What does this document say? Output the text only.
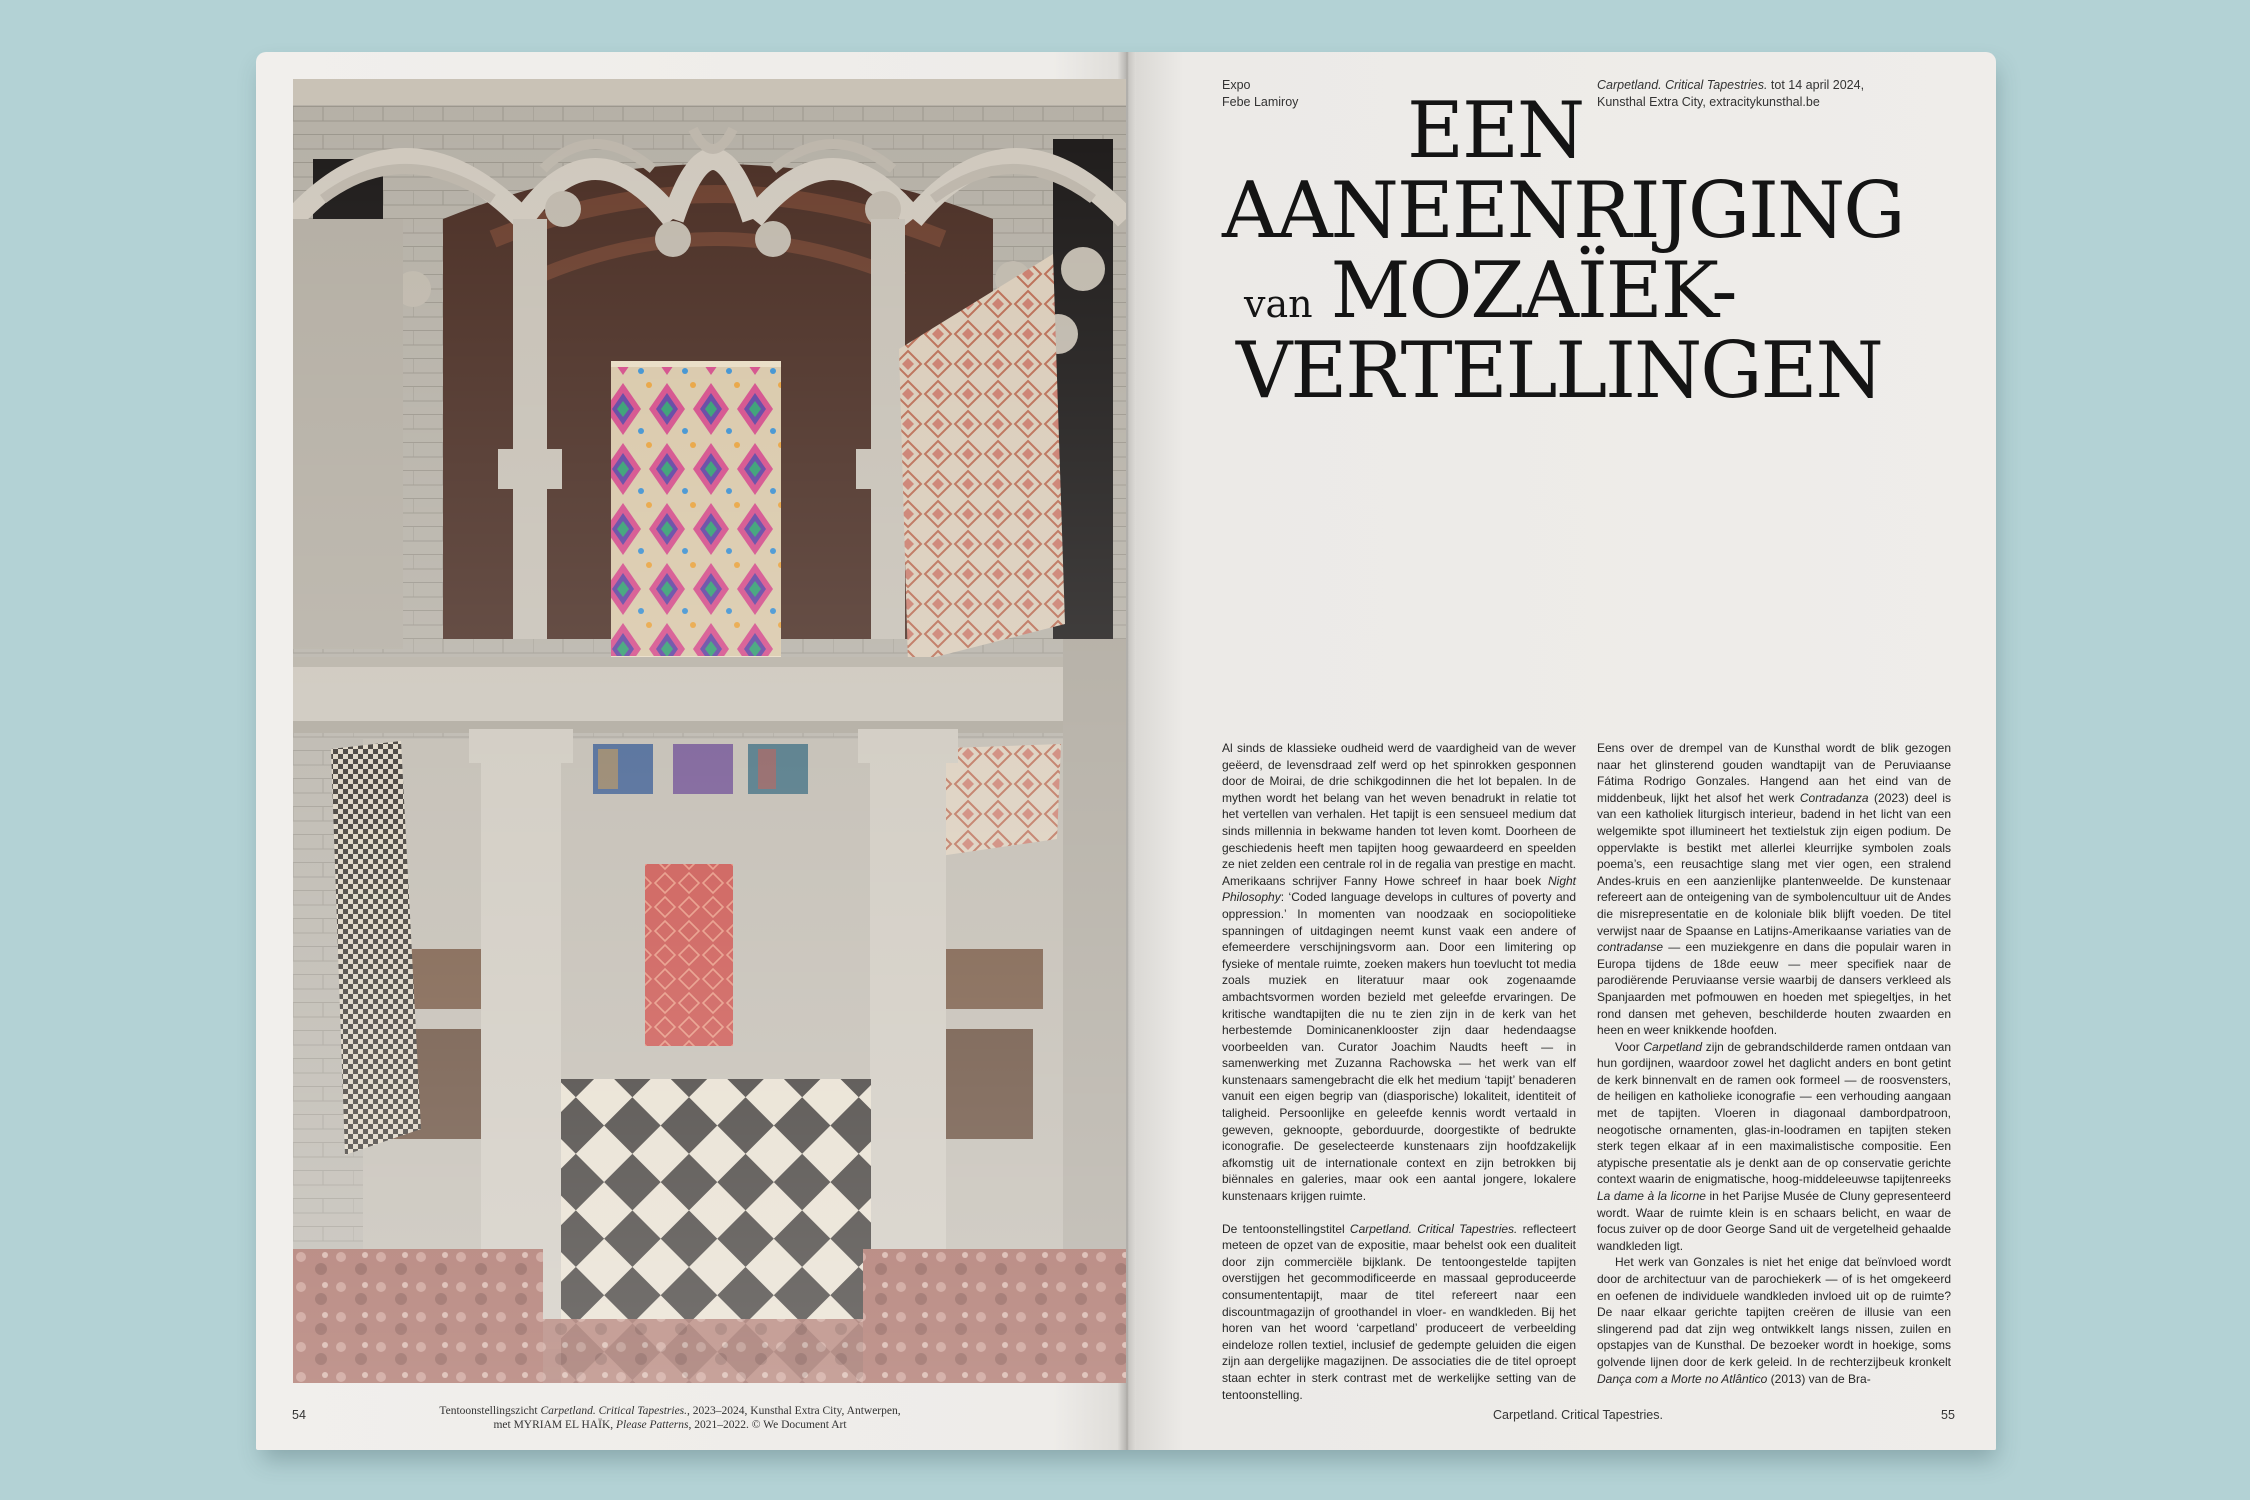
Tentoonstellingszicht Carpetland. Critical Tapestries., 2023–2024, Kunsthal Extra City, Antwerpen,
met MYRIAM EL HAÏK, Please Patterns, 2021–2022. © We Document Art
54	55
Carpetland. Critical Tapestries.
Expo
Febe Lamiroy
Carpetland. Critical Tapestries. tot 14 april 2024, Kunsthal Extra City, extracitykunsthal.be
EEN
AANEENRIJGING
van MOZAÏEK-
VERTELLINGEN

Al sinds de klassieke oudheid werd de vaardigheid van de wever geëerd, de levensdraad zelf werd op het spinrokken gesponnen door de Moirai, de drie schikgodinnen die het lot bepalen. In de mythen wordt het belang van het weven benadrukt in relatie tot het vertellen van verhalen. Het tapijt is een sensueel medium dat sinds millennia in bekwame handen tot leven komt. Doorheen de geschiedenis heeft men tapijten hoog gewaardeerd en speelden ze niet zelden een centrale rol in de regalia van prestige en macht. Amerikaans schrijver Fanny Howe schreef in haar boek Night Philosophy: ‘Coded language develops in cultures of poverty and oppression.’ In momenten van noodzaak en sociopolitieke spanningen of uitdagingen neemt kunst vaak een andere of efemeerdere verschijningsvorm aan. Door een limitering op fysieke of mentale ruimte, zoeken makers hun toevlucht tot media zoals muziek en literatuur maar ook zogenaamde ambachtsvormen worden bezield met geleefde ervaringen. De kritische wandtapijten die nu te zien zijn in de kerk van het herbestemde Dominicanenklooster zijn daar hedendaagse voorbeelden van. Curator Joachim Naudts heeft — in samenwerking met Zuzanna Rachowska — het werk van elf kunstenaars samengebracht die elk het medium ‘tapijt’ benaderen vanuit een eigen begrip van (diasporische) lokaliteit, identiteit of taligheid. Persoonlijke en geleefde kennis wordt vertaald in geweven, geknoopte, geborduurde, doorgestikte of bedrukte iconografie. De geselecteerde kunstenaars zijn hoofdzakelijk afkomstig uit de internationale context en zijn betrokken bij biënnales en galeries, maar ook een aantal jongere, lokalere kunstenaars krijgen ruimte.

De tentoonstellingstitel Carpetland. Critical Tapestries. reflecteert meteen de opzet van de expositie, maar behelst ook een dualiteit door zijn commerciële bijklank. De tentoongestelde tapijten overstijgen het gecommodificeerde en massaal geproduceerde consumententapijt, maar de titel refereert naar een discountmagazijn of groothandel in vloer- en wandkleden. Bij het horen van het woord ‘carpetland’ produceert de verbeelding eindeloze rollen textiel, inclusief de gedempte geluiden die eigen zijn aan dergelijke magazijnen. De associaties die de titel oproept staan echter in sterk contrast met de werkelijke setting van de tentoonstelling.

Eens over de drempel van de Kunsthal wordt de blik gezogen naar het glinsterend gouden wandtapijt van de Peruviaanse Fátima Rodrigo Gonzales. Hangend aan het eind van de middenbeuk, lijkt het alsof het werk Contradanza (2023) deel is van een katholiek liturgisch interieur, badend in het licht van een welgemikte spot illumineert het textielstuk zijn eigen podium. De oppervlakte is bestikt met allerlei kleurrijke symbolen zoals poema’s, een reusachtige slang met vier ogen, een stralend Andes-kruis en een aanzienlijke plantenweelde. De kunstenaar refereert aan de onteigening van de symbolencultuur uit de Andes die misrepresentatie en de koloniale blik blijft voeden. De titel verwijst naar de Spaanse en Latijns-Amerikaanse variaties van de contradanse — een muziekgenre en dans die populair waren in Europa tijdens de 18de eeuw — meer specifiek naar de parodiërende Peruviaanse versie waarbij de dansers verkleed als Spanjaarden met pofmouwen en hoeden met spiegeltjes, in het rond dansen met geheven, beschilderde houten zwaarden en heen en weer knikkende hoofden.

Voor Carpetland zijn de gebrandschilderde ramen ontdaan van hun gordijnen, waardoor zowel het daglicht anders en bont getint de kerk binnenvalt en de ramen ook formeel — de roosvensters, de heiligen en katholieke iconografie — een verhouding aangaan met de tapijten. Vloeren in diagonaal dambordpatroon, neogotische ornamenten, glas-in-loodramen en tapijten steken sterk tegen elkaar af in een maximalistische compositie. Een atypische presentatie als je denkt aan de op conservatie gerichte context waarin de enigmatische, hoog-middeleeuwse tapijtenreeks La dame à la licorne in het Parijse Musée de Cluny gepresenteerd wordt. Waar de ruimte klein is en schaars belicht, en waar de focus zuiver op de door George Sand uit de vergetelheid gehaalde wandkleden ligt.

Het werk van Gonzales is niet het enige dat beïnvloed wordt door de architectuur van de parochiekerk — of is het omgekeerd en oefenen de individuele wandkleden invloed uit op de ruimte? De naar elkaar gerichte tapijten creëren de illusie van een slingerend pad dat zijn weg ontwikkelt langs nissen, zuilen en opstapjes van de Kunsthal. De bezoeker wordt in hoekige, soms golvende lijnen door de kerk geleid. In de rechterzijbeuk kronkelt Dança com a Morte no Atlântico (2013) van de Bra-
